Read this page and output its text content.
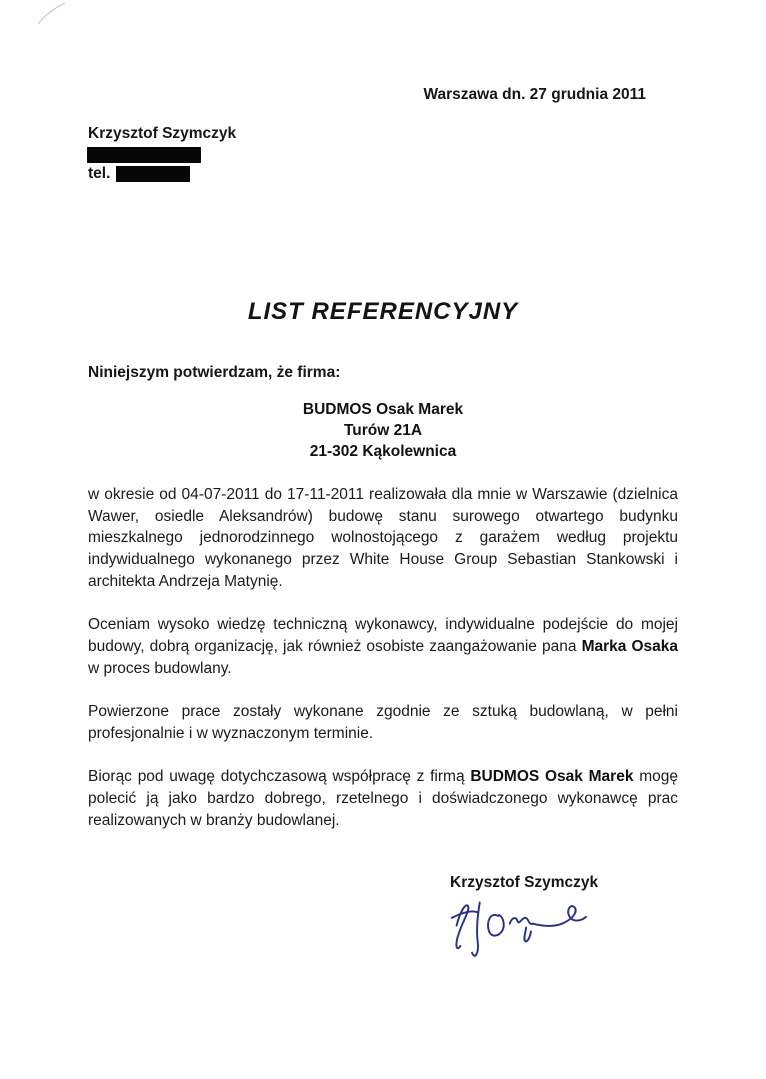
Warszawa dn. 27 grudnia 2011
Krzysztof Szymczyk
tel.
LIST REFERENCYJNY
Niniejszym potwierdzam, że firma:
BUDMOS Osak Marek
Turów 21A
21-302 Kąkolewnica

w okresie od 04-07-2011 do 17-11-2011 realizowała dla mnie w Warszawie (dzielnica Wawer, osiedle Aleksandrów) budowę stanu surowego otwartego budynku mieszkalnego jednorodzinnego wolnostojącego z garażem według projektu indywidualnego wykonanego przez White House Group Sebastian Stankowski i architekta Andrzeja Matynię.

Oceniam wysoko wiedzę techniczną wykonawcy, indywidualne podejście do mojej budowy, dobrą organizację, jak również osobiste zaangażowanie pana Marka Osaka w proces budowlany.

Powierzone prace zostały wykonane zgodnie ze sztuką budowlaną, w pełni profesjonalnie i w wyznaczonym terminie.

Biorąc pod uwagę dotychczasową współpracę z firmą BUDMOS Osak Marek mogę polecić ją jako bardzo dobrego, rzetelnego i doświadczonego wykonawcę prac realizowanych w branży budowlanej.

Krzysztof Szymczyk
